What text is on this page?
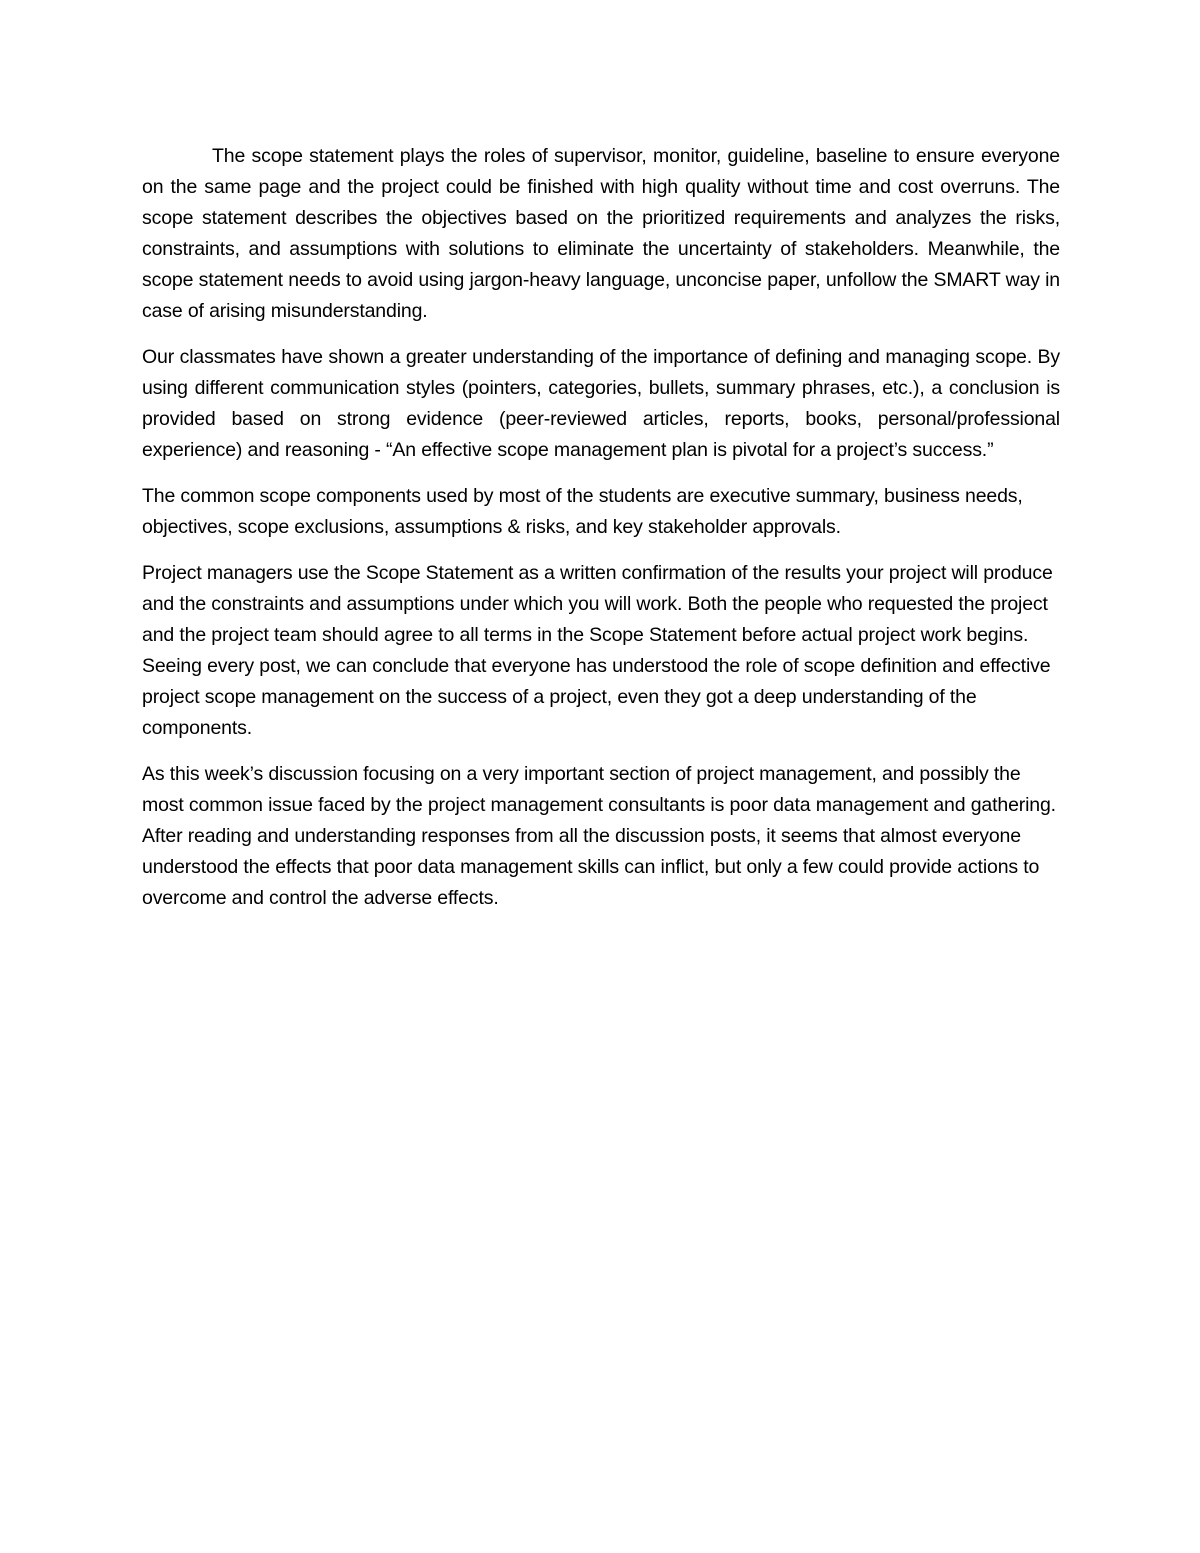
The scope statement plays the roles of supervisor, monitor, guideline, baseline to ensure everyone on the same page and the project could be finished with high quality without time and cost overruns. The scope statement describes the objectives based on the prioritized requirements and analyzes the risks, constraints, and assumptions with solutions to eliminate the uncertainty of stakeholders. Meanwhile, the scope statement needs to avoid using jargon-heavy language, unconcise paper, unfollow the SMART way in case of arising misunderstanding.

Our classmates have shown a greater understanding of the importance of defining and managing scope. By using different communication styles (pointers, categories, bullets, summary phrases, etc.), a conclusion is provided based on strong evidence (peer-reviewed articles, reports, books, personal/professional experience) and reasoning - “An effective scope management plan is pivotal for a project’s success.”

The common scope components used by most of the students are executive summary, business needs, objectives, scope exclusions, assumptions & risks, and key stakeholder approvals.

Project managers use the Scope Statement as a written confirmation of the results your project will produce and the constraints and assumptions under which you will work. Both the people who requested the project and the project team should agree to all terms in the Scope Statement before actual project work begins. Seeing every post, we can conclude that everyone has understood the role of scope definition and effective project scope management on the success of a project, even they got a deep understanding of the components.

As this week’s discussion focusing on a very important section of project management, and possibly the most common issue faced by the project management consultants is poor data management and gathering. After reading and understanding responses from all the discussion posts, it seems that almost everyone understood the effects that poor data management skills can inflict, but only a few could provide actions to overcome and control the adverse effects.
